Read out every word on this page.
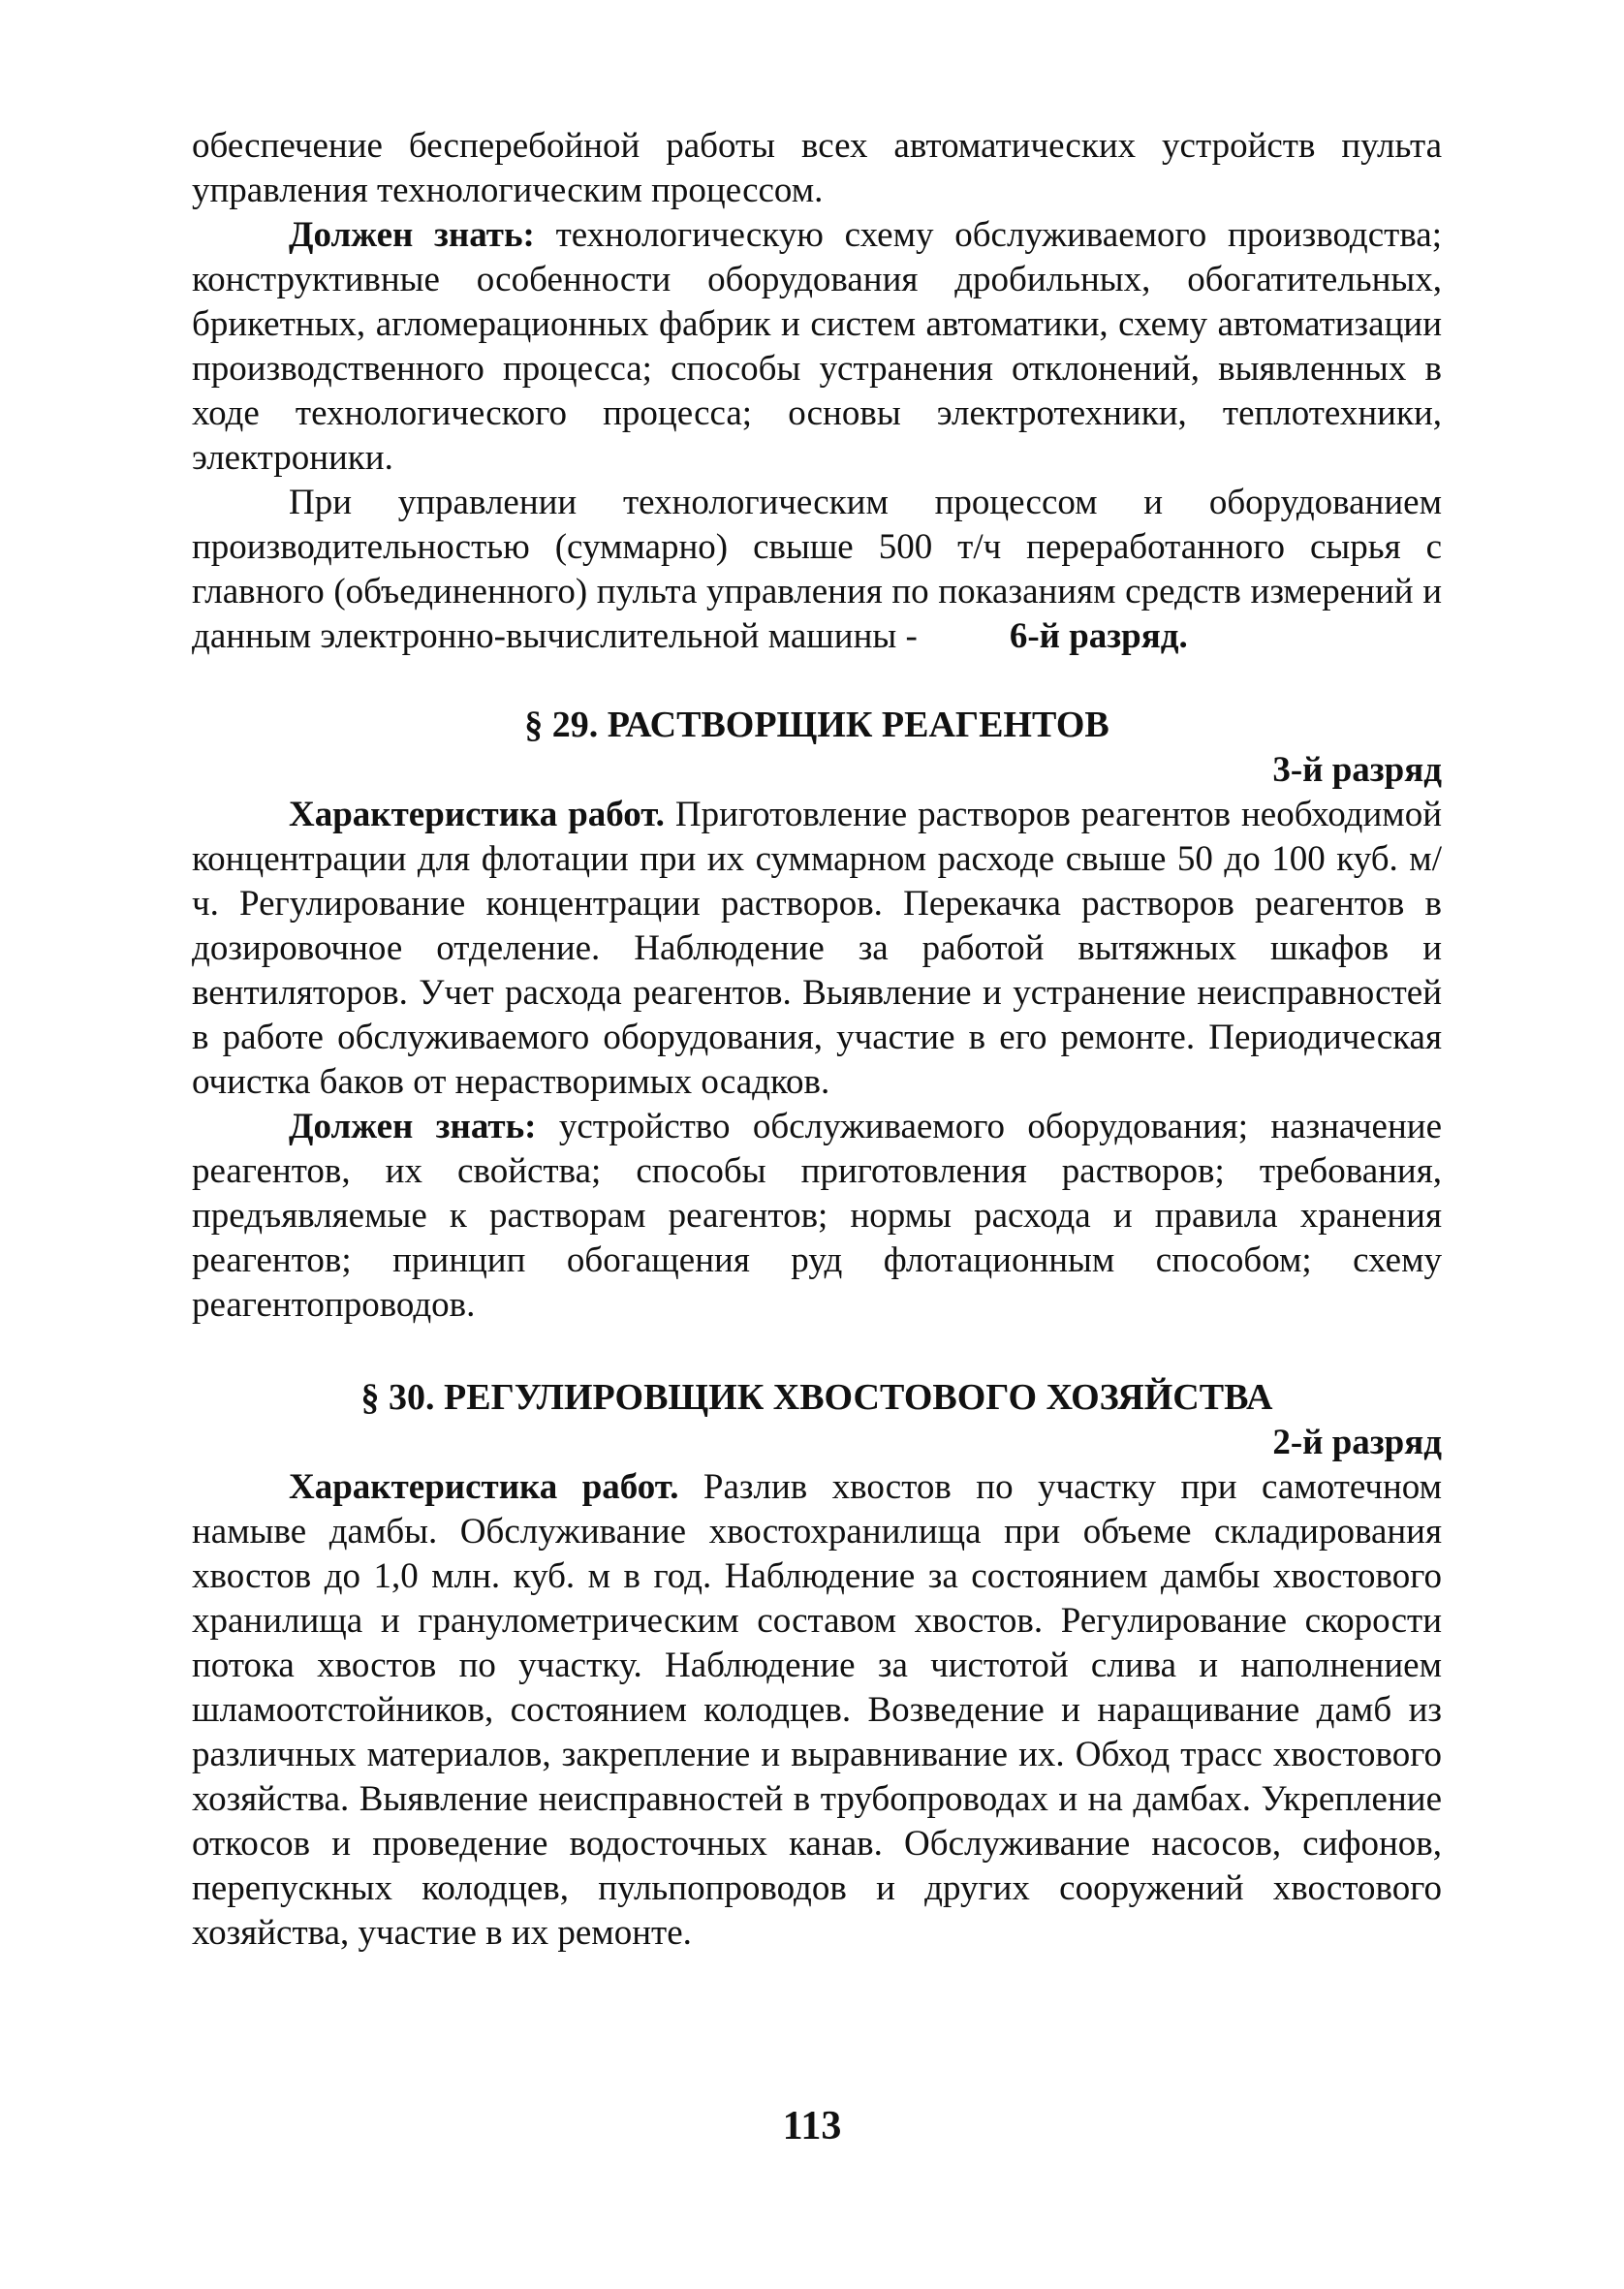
обеспечение бесперебойной работы всех автоматических устройств пульта управления технологическим процессом.

Должен знать: технологическую схему обслуживаемого производства; конструктивные особенности оборудования дробильных, обогатительных, брикетных, агломерационных фабрик и систем автоматики, схему автоматизации производственного процесса; способы устранения отклонений, выявленных в ходе технологического процесса; основы электротехники, теплотехники, электроники.

При управлении технологическим процессом и оборудованием производительностью (суммарно) свыше 500 т/ч переработанного сырья с главного (объединенного) пульта управления по показаниям средств измерений и данным электронно-вычислительной машины -	6-й разряд.

§ 29. РАСТВОРЩИК РЕАГЕНТОВ
3-й разряд

Характеристика работ. Приготовление растворов реагентов необходимой концентрации для флотации при их суммарном расходе свыше 50 до 100 куб. м/ч. Регулирование концентрации растворов. Перекачка растворов реагентов в дозировочное отделение. Наблюдение за работой вытяжных шкафов и вентиляторов. Учет расхода реагентов. Выявление и устранение неисправностей в работе обслуживаемого оборудования, участие в его ремонте. Периодическая очистка баков от нерастворимых осадков.

Должен знать: устройство обслуживаемого оборудования; назначение реагентов, их свойства; способы приготовления растворов; требования, предъявляемые к растворам реагентов; нормы расхода и правила хранения реагентов; принцип обогащения руд флотационным способом; схему реагентопроводов.

§ 30. РЕГУЛИРОВЩИК ХВОСТОВОГО ХОЗЯЙСТВА
2-й разряд

Характеристика работ. Разлив хвостов по участку при самотечном намыве дамбы. Обслуживание хвостохранилища при объеме складирования хвостов до 1,0 млн. куб. м в год. Наблюдение за состоянием дамбы хвостового хранилища и гранулометрическим составом хвостов. Регулирование скорости потока хвостов по участку. Наблюдение за чистотой слива и наполнением шламоотстойников, состоянием колодцев. Возведение и наращивание дамб из различных материалов, закрепление и выравнивание их. Обход трасс хвостового хозяйства. Выявление неисправностей в трубопроводах и на дамбах. Укрепление откосов и проведение водосточных канав. Обслуживание насосов, сифонов, перепускных колодцев, пульпопроводов и других сооружений хвостового хозяйства, участие в их ремонте.

113
